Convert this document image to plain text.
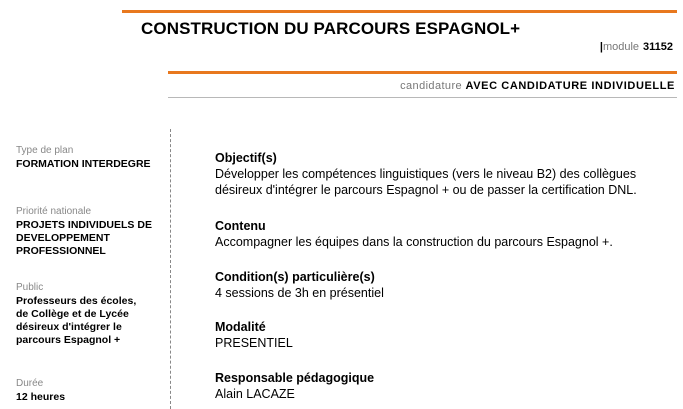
CONSTRUCTION DU PARCOURS ESPAGNOL+
|module 31152
candidature AVEC CANDIDATURE INDIVIDUELLE
Type de plan
FORMATION INTERDEGRE
Priorité nationale
PROJETS INDIVIDUELS DE DEVELOPPEMENT PROFESSIONNEL
Public
Professeurs des écoles, de Collège et de Lycée désireux d'intégrer le parcours Espagnol +
Durée
12 heures
Objectif(s)
Développer les compétences linguistiques (vers le niveau B2) des collègues désireux d'intégrer le parcours Espagnol + ou de passer la certification DNL.
Contenu
Accompagner les équipes dans la construction du parcours Espagnol +.
Condition(s) particulière(s)
4 sessions de 3h en présentiel
Modalité
PRESENTIEL
Responsable pédagogique
Alain LACAZE
